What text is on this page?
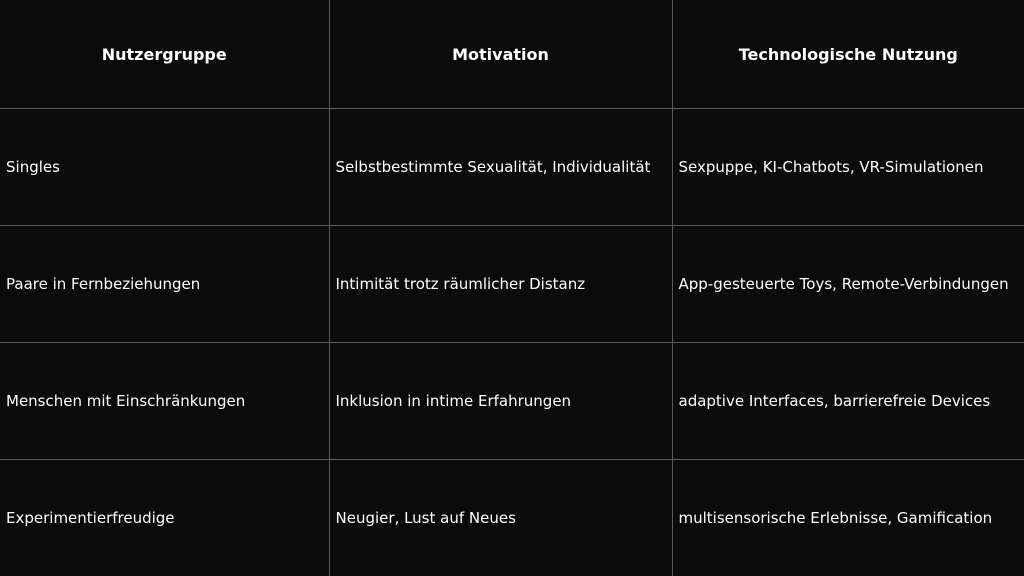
Nutzergruppe	Motivation	Technologische Nutzung
Singles	Selbstbestimmte Sexualität, Individualität	Sexpuppe, KI-Chatbots, VR-Simulationen
Paare in Fernbeziehungen	Intimität trotz räumlicher Distanz	App-gesteuerte Toys, Remote-Verbindungen
Menschen mit Einschränkungen	Inklusion in intime Erfahrungen	adaptive Interfaces, barrierefreie Devices
Experimentierfreudige	Neugier, Lust auf Neues	multisensorische Erlebnisse, Gamification
